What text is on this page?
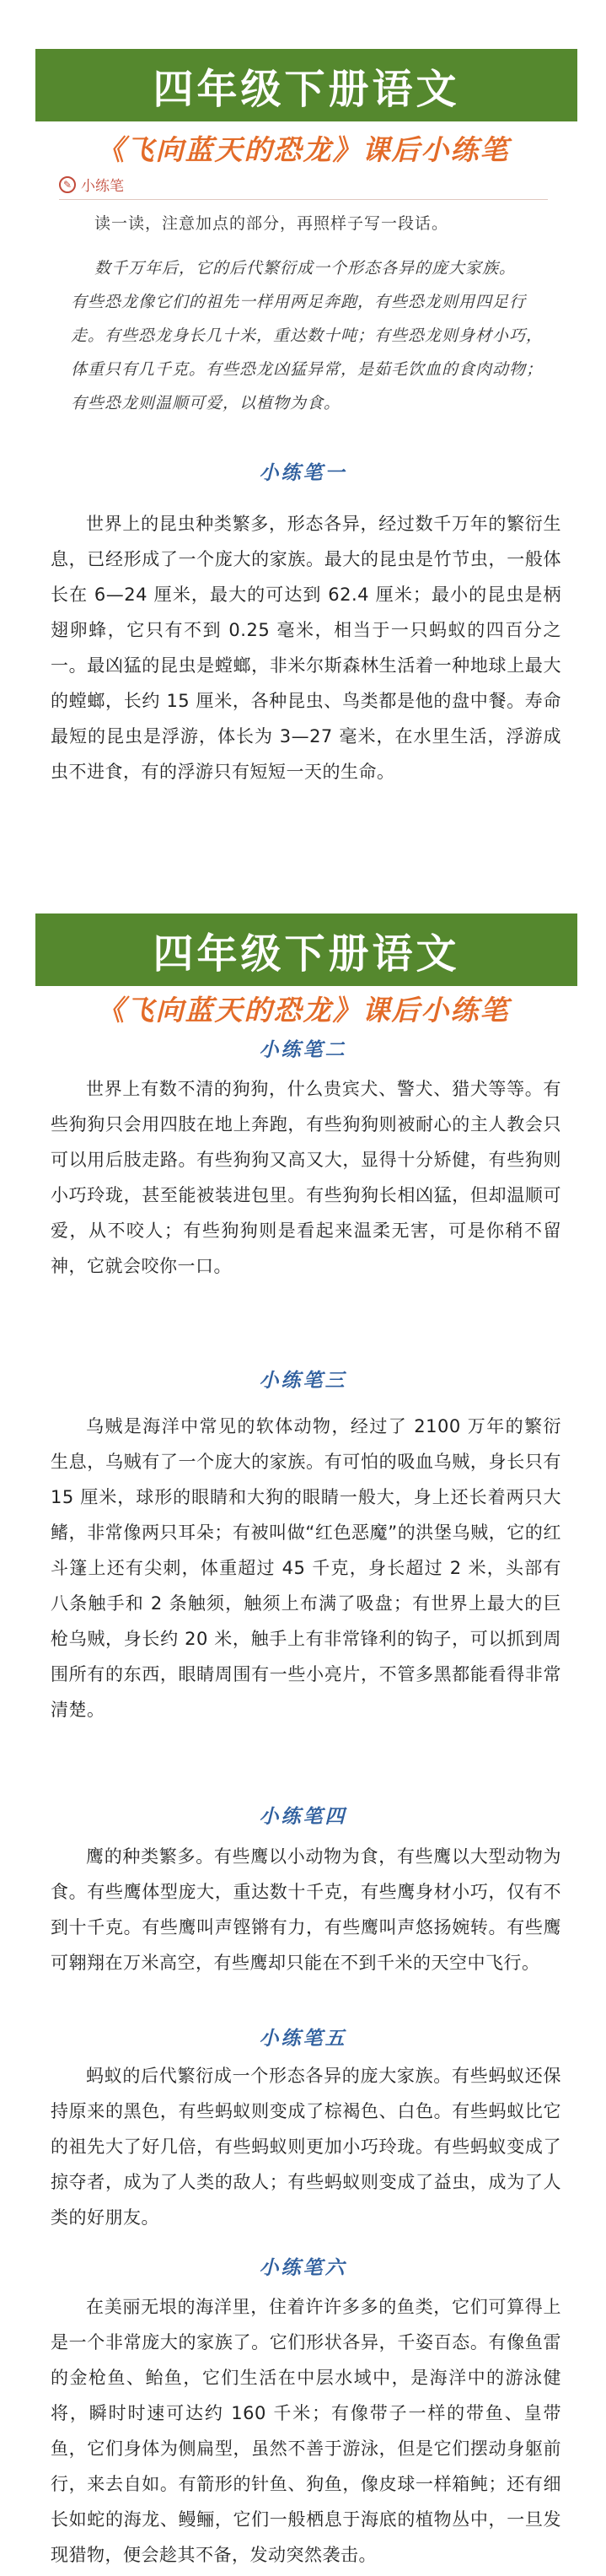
四年级下册语文
《飞向蓝天的恐龙》课后小练笔
✎ 小练笔
读一读，注意加点的部分，再照样子写一段话。
数千万年后，它的后代繁衍成一个形态各异的庞大家族。
有些恐龙像它们的祖先一样用两足奔跑，有些恐龙则用四足行
走。有些恐龙身长几十米，重达数十吨；有些恐龙则身材小巧，
体重只有几千克。有些恐龙凶猛异常，是茹毛饮血的食肉动物；
有些恐龙则温顺可爱，以植物为食。
小练笔一
世界上的昆虫种类繁多，形态各异，经过数千万年的繁衍生息，已经形成了一个庞大的家族。最大的昆虫是竹节虫，一般体长在 6—24 厘米，最大的可达到 62.4 厘米；最小的昆虫是柄翅卵蜂，它只有不到 0.25 毫米，相当于一只蚂蚁的四百分之一。最凶猛的昆虫是螳螂，非米尔斯森林生活着一种地球上最大的螳螂，长约 15 厘米，各种昆虫、鸟类都是他的盘中餐。寿命最短的昆虫是浮游，体长为 3—27 毫米，在水里生活，浮游成虫不进食，有的浮游只有短短一天的生命。
四年级下册语文
《飞向蓝天的恐龙》课后小练笔
小练笔二
世界上有数不清的狗狗，什么贵宾犬、警犬、猎犬等等。有些狗狗只会用四肢在地上奔跑，有些狗狗则被耐心的主人教会只可以用后肢走路。有些狗狗又高又大，显得十分矫健，有些狗则小巧玲珑，甚至能被装进包里。有些狗狗长相凶猛，但却温顺可爱，从不咬人；有些狗狗则是看起来温柔无害，可是你稍不留神，它就会咬你一口。
小练笔三
乌贼是海洋中常见的软体动物，经过了 2100 万年的繁衍生息，乌贼有了一个庞大的家族。有可怕的吸血乌贼，身长只有 15 厘米，球形的眼睛和大狗的眼睛一般大，身上还长着两只大鳍，非常像两只耳朵；有被叫做“红色恶魔”的洪堡乌贼，它的红斗篷上还有尖刺，体重超过 45 千克，身长超过 2 米，头部有八条触手和 2 条触须，触须上布满了吸盘；有世界上最大的巨枪乌贼，身长约 20 米，触手上有非常锋利的钩子，可以抓到周围所有的东西，眼睛周围有一些小亮片，不管多黑都能看得非常清楚。
小练笔四
鹰的种类繁多。有些鹰以小动物为食，有些鹰以大型动物为食。有些鹰体型庞大，重达数十千克，有些鹰身材小巧，仅有不到十千克。有些鹰叫声铿锵有力，有些鹰叫声悠扬婉转。有些鹰可翱翔在万米高空，有些鹰却只能在不到千米的天空中飞行。
小练笔五
蚂蚁的后代繁衍成一个形态各异的庞大家族。有些蚂蚁还保持原来的黑色，有些蚂蚁则变成了棕褐色、白色。有些蚂蚁比它的祖先大了好几倍，有些蚂蚁则更加小巧玲珑。有些蚂蚁变成了掠夺者，成为了人类的敌人；有些蚂蚁则变成了益虫，成为了人类的好朋友。
小练笔六
在美丽无垠的海洋里，住着许许多多的鱼类，它们可算得上是一个非常庞大的家族了。它们形状各异，千姿百态。有像鱼雷的金枪鱼、鲐鱼，它们生活在中层水域中，是海洋中的游泳健将，瞬时时速可达约 160 千米；有像带子一样的带鱼、皇带鱼，它们身体为侧扁型，虽然不善于游泳，但是它们摆动身躯前行，来去自如。有箭形的针鱼、狗鱼，像皮球一样箱鲀；还有细长如蛇的海龙、鳗鲡，它们一般栖息于海底的植物丛中，一旦发现猎物，便会趁其不备，发动突然袭击。
